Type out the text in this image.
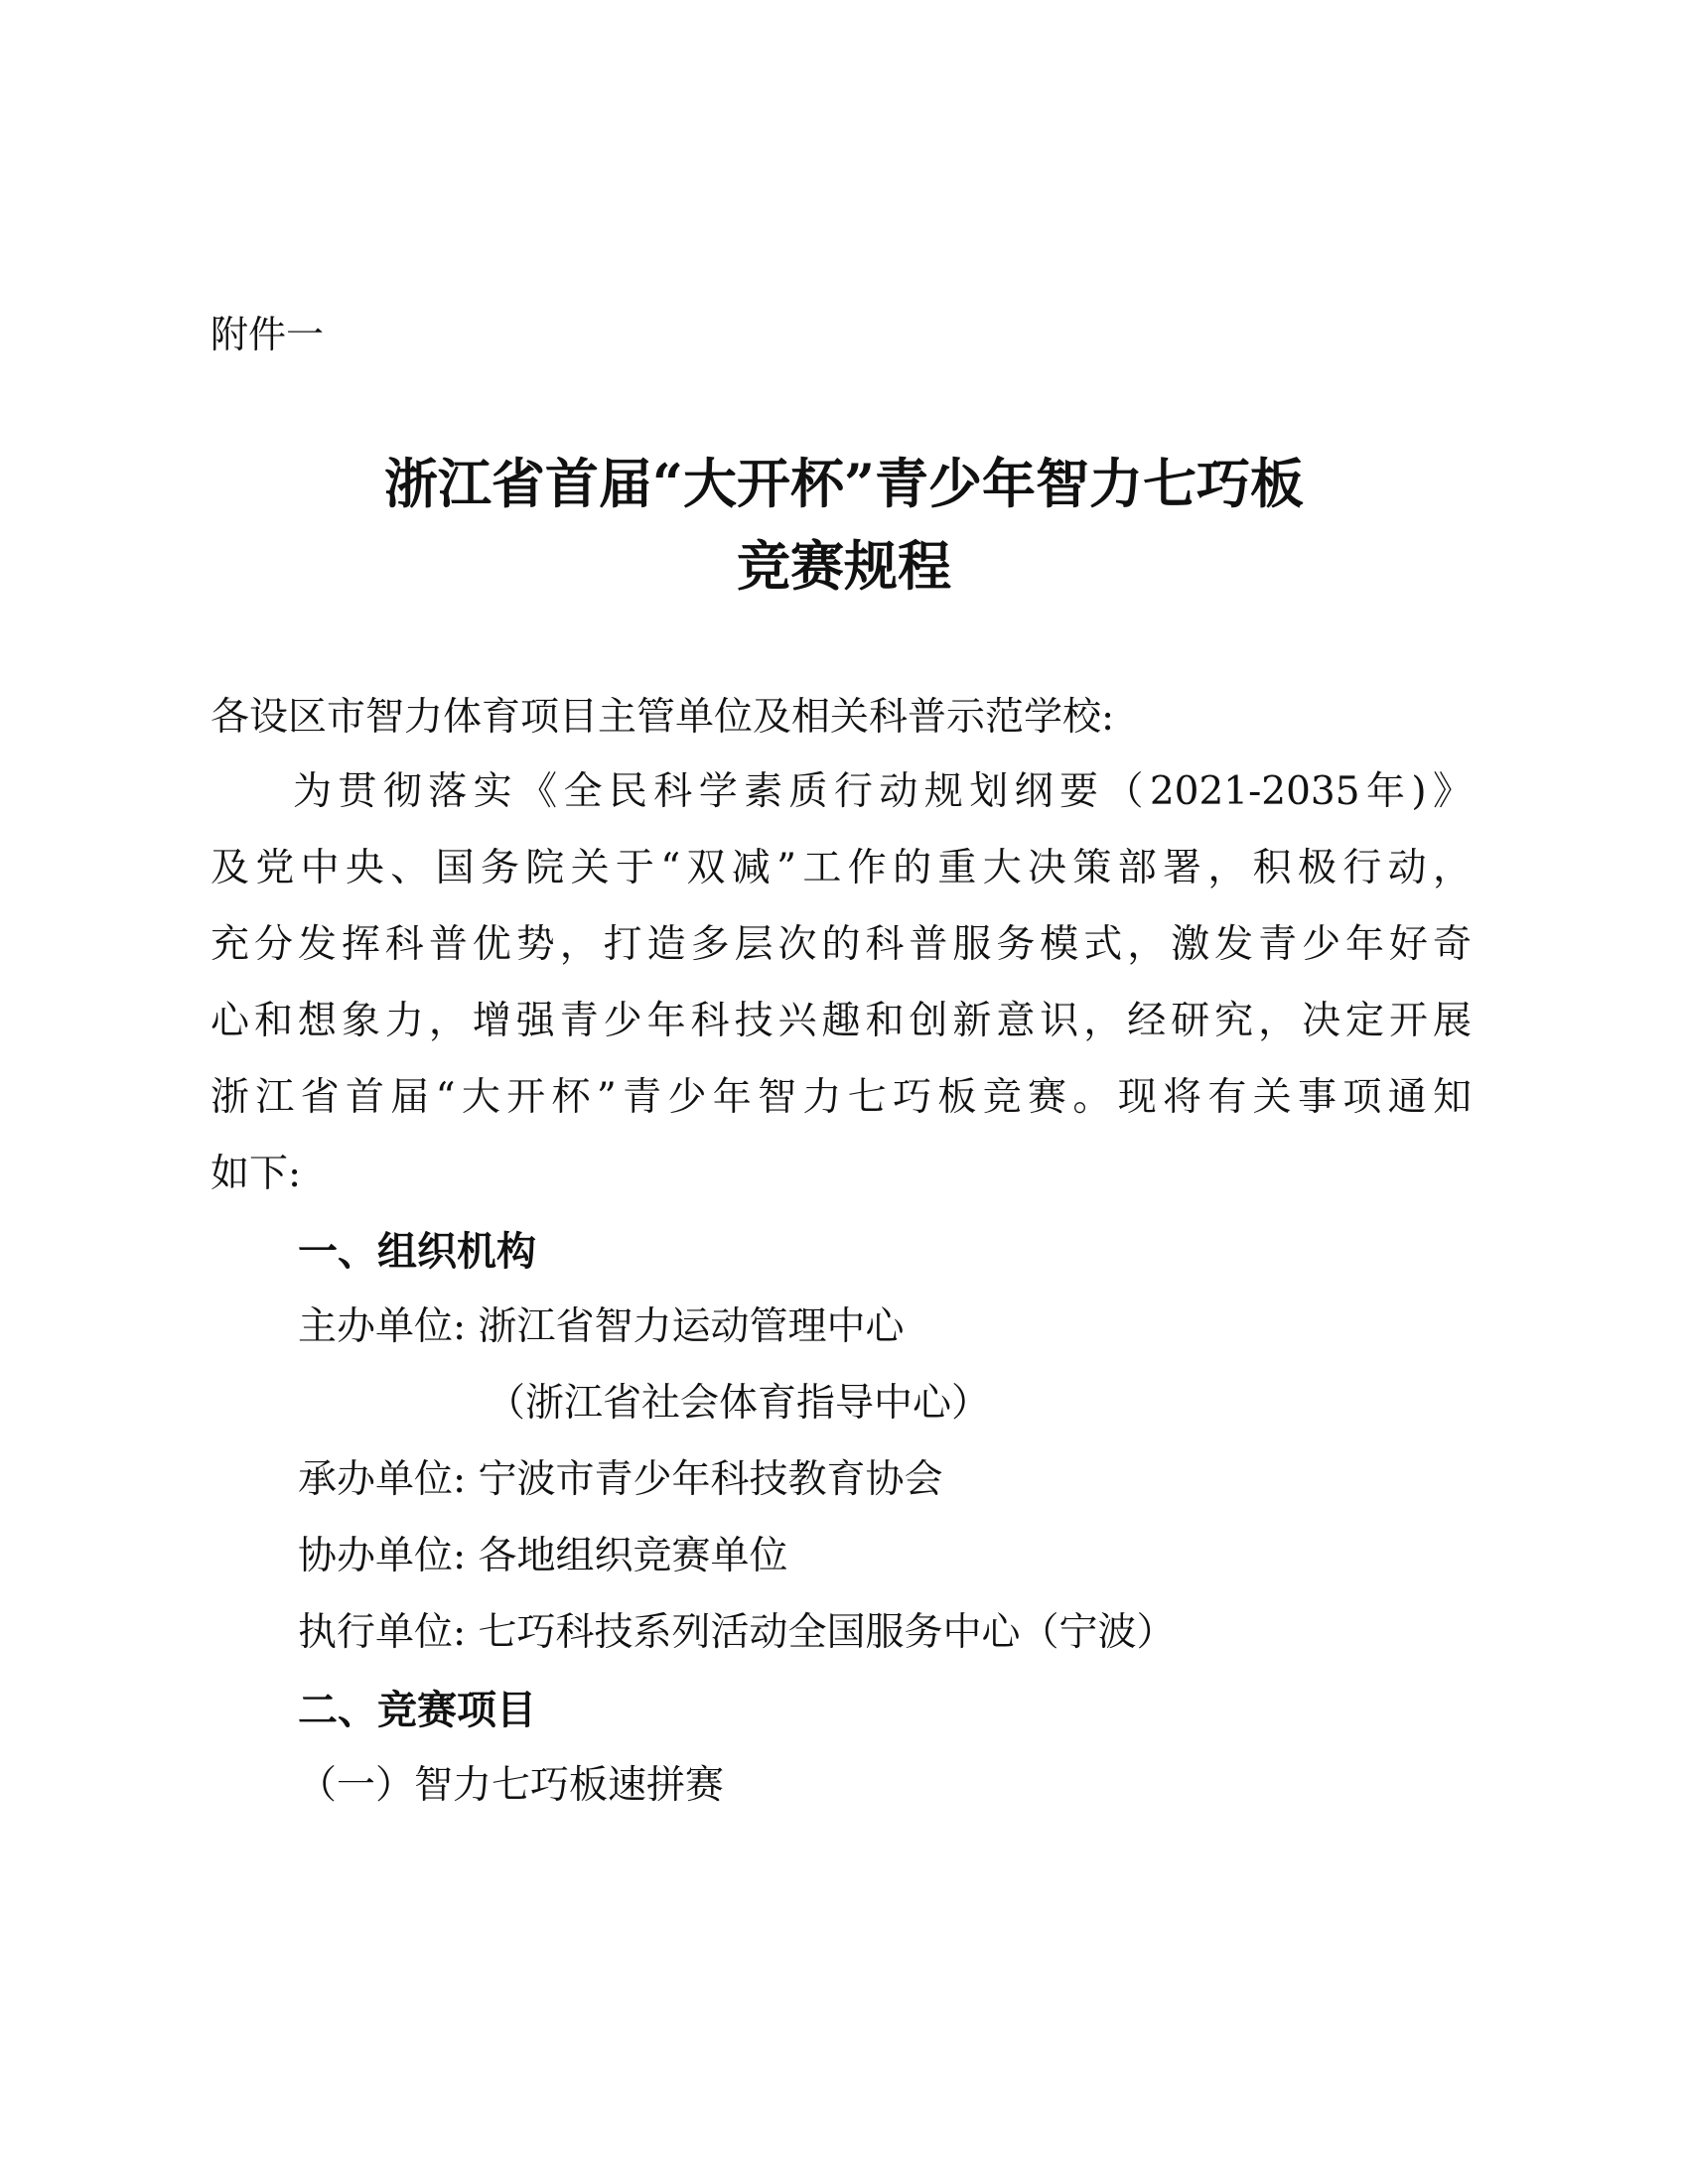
附件一
浙江省首届“大开杯”青少年智力七巧板
竞赛规程

各设区市智力体育项目主管单位及相关科普示范学校:

为贯彻落实《全民科学素质行动规划纲要（2021-2035年)》

及党中央、国务院关于“双减”工作的重大决策部署，积极行动，

充分发挥科普优势，打造多层次的科普服务模式，激发青少年好奇

心和想象力，增强青少年科技兴趣和创新意识，经研究，决定开展

浙江省首届“大开杯”青少年智力七巧板竞赛。现将有关事项通知

如下:

一、组织机构

主办单位: 浙江省智力运动管理中心

（浙江省社会体育指导中心）

承办单位: 宁波市青少年科技教育协会

协办单位: 各地组织竞赛单位

执行单位: 七巧科技系列活动全国服务中心（宁波）

二、竞赛项目

（一）智力七巧板速拼赛
